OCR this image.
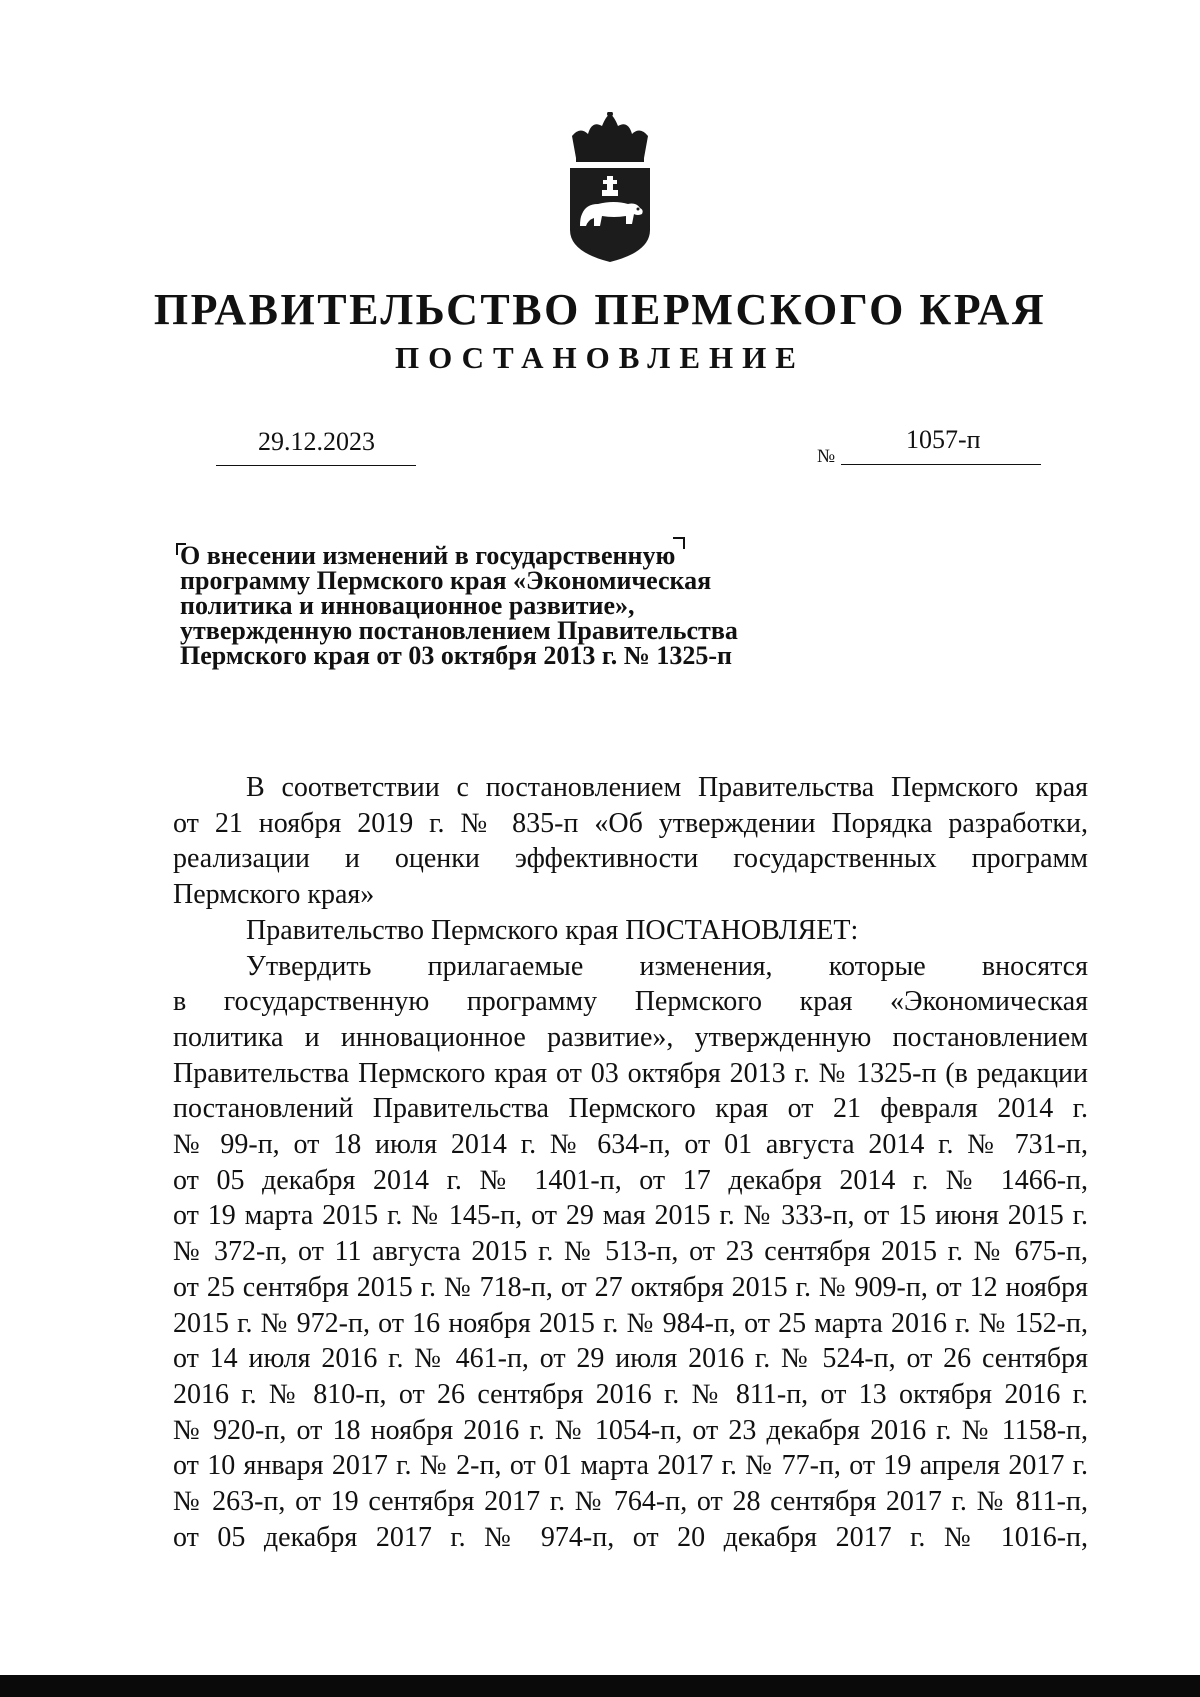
ПРАВИТЕЛЬСТВО ПЕРМСКОГО КРАЯ
ПОСТАНОВЛЕНИЕ
29.12.2023
№
1057-п
О внесении изменений в государственную
программу Пермского края «Экономическая
политика и инновационное развитие»,
утвержденную постановлением Правительства
Пермского края от 03 октября 2013 г. № 1325-п
В соответствии с постановлением Правительства Пермского края
от 21 ноября 2019 г. № 835-п «Об утверждении Порядка разработки,
реализации и оценки эффективности государственных программ
Пермского края»
Правительство Пермского края ПОСТАНОВЛЯЕТ:
Утвердить прилагаемые изменения, которые вносятся
в государственную программу Пермского края «Экономическая
политика и инновационное развитие», утвержденную постановлением
Правительства Пермского края от 03 октября 2013 г. № 1325-п (в редакции
постановлений Правительства Пермского края от 21 февраля 2014 г.
№ 99-п, от 18 июля 2014 г. № 634-п, от 01 августа 2014 г. № 731-п,
от 05 декабря 2014 г. № 1401-п, от 17 декабря 2014 г. № 1466-п,
от 19 марта 2015 г. № 145-п, от 29 мая 2015 г. № 333-п, от 15 июня 2015 г.
№ 372-п, от 11 августа 2015 г. № 513-п, от 23 сентября 2015 г. № 675-п,
от 25 сентября 2015 г. № 718-п, от 27 октября 2015 г. № 909-п, от 12 ноября
2015 г. № 972-п, от 16 ноября 2015 г. № 984-п, от 25 марта 2016 г. № 152-п,
от 14 июля 2016 г. № 461-п, от 29 июля 2016 г. № 524-п, от 26 сентября
2016 г. № 810-п, от 26 сентября 2016 г. № 811-п, от 13 октября 2016 г.
№ 920-п, от 18 ноября 2016 г. № 1054-п, от 23 декабря 2016 г. № 1158-п,
от 10 января 2017 г. № 2-п, от 01 марта 2017 г. № 77-п, от 19 апреля 2017 г.
№ 263-п, от 19 сентября 2017 г. № 764-п, от 28 сентября 2017 г. № 811-п,
от 05 декабря 2017 г. № 974-п, от 20 декабря 2017 г. № 1016-п,
